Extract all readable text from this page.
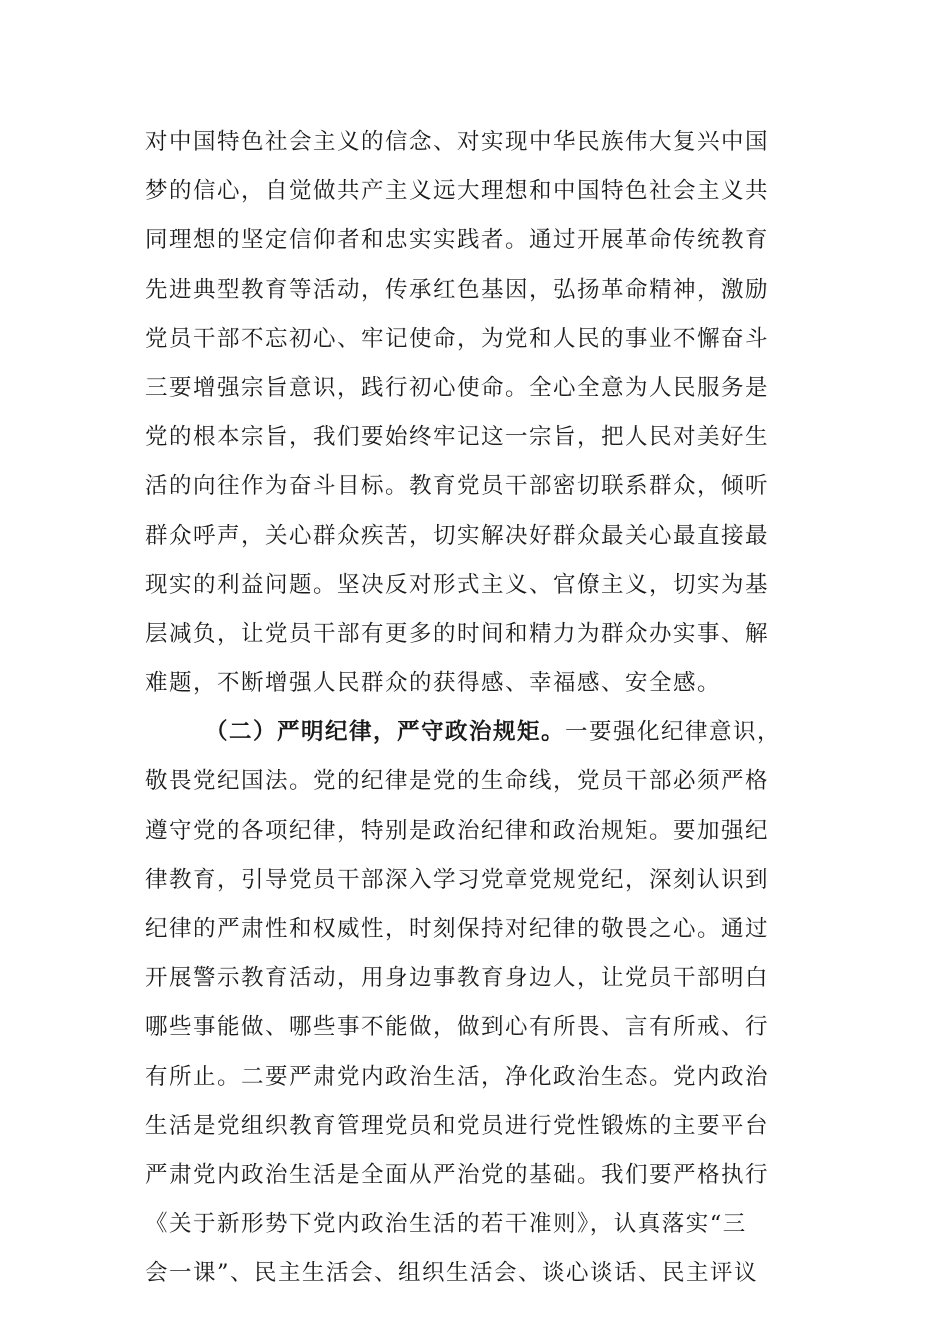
对中国特色社会主义的信念、对实现中华民族伟大复兴中国
梦的信心，自觉做共产主义远大理想和中国特色社会主义共
同理想的坚定信仰者和忠实实践者。通过开展革命传统教育
先进典型教育等活动，传承红色基因，弘扬革命精神，激励
党员干部不忘初心、牢记使命，为党和人民的事业不懈奋斗
三要增强宗旨意识，践行初心使命。全心全意为人民服务是
党的根本宗旨，我们要始终牢记这一宗旨，把人民对美好生
活的向往作为奋斗目标。教育党员干部密切联系群众，倾听
群众呼声，关心群众疾苦，切实解决好群众最关心最直接最
现实的利益问题。坚决反对形式主义、官僚主义，切实为基
层减负，让党员干部有更多的时间和精力为群众办实事、解
难题，不断增强人民群众的获得感、幸福感、安全感。
（二）严明纪律，严守政治规矩。一要强化纪律意识，
敬畏党纪国法。党的纪律是党的生命线，党员干部必须严格
遵守党的各项纪律，特别是政治纪律和政治规矩。要加强纪
律教育，引导党员干部深入学习党章党规党纪，深刻认识到
纪律的严肃性和权威性，时刻保持对纪律的敬畏之心。通过
开展警示教育活动，用身边事教育身边人，让党员干部明白
哪些事能做、哪些事不能做，做到心有所畏、言有所戒、行
有所止。二要严肃党内政治生活，净化政治生态。党内政治
生活是党组织教育管理党员和党员进行党性锻炼的主要平台
严肃党内政治生活是全面从严治党的基础。我们要严格执行
《关于新形势下党内政治生活的若干准则》，认真落实“三
会一课”、民主生活会、组织生活会、谈心谈话、民主评议
